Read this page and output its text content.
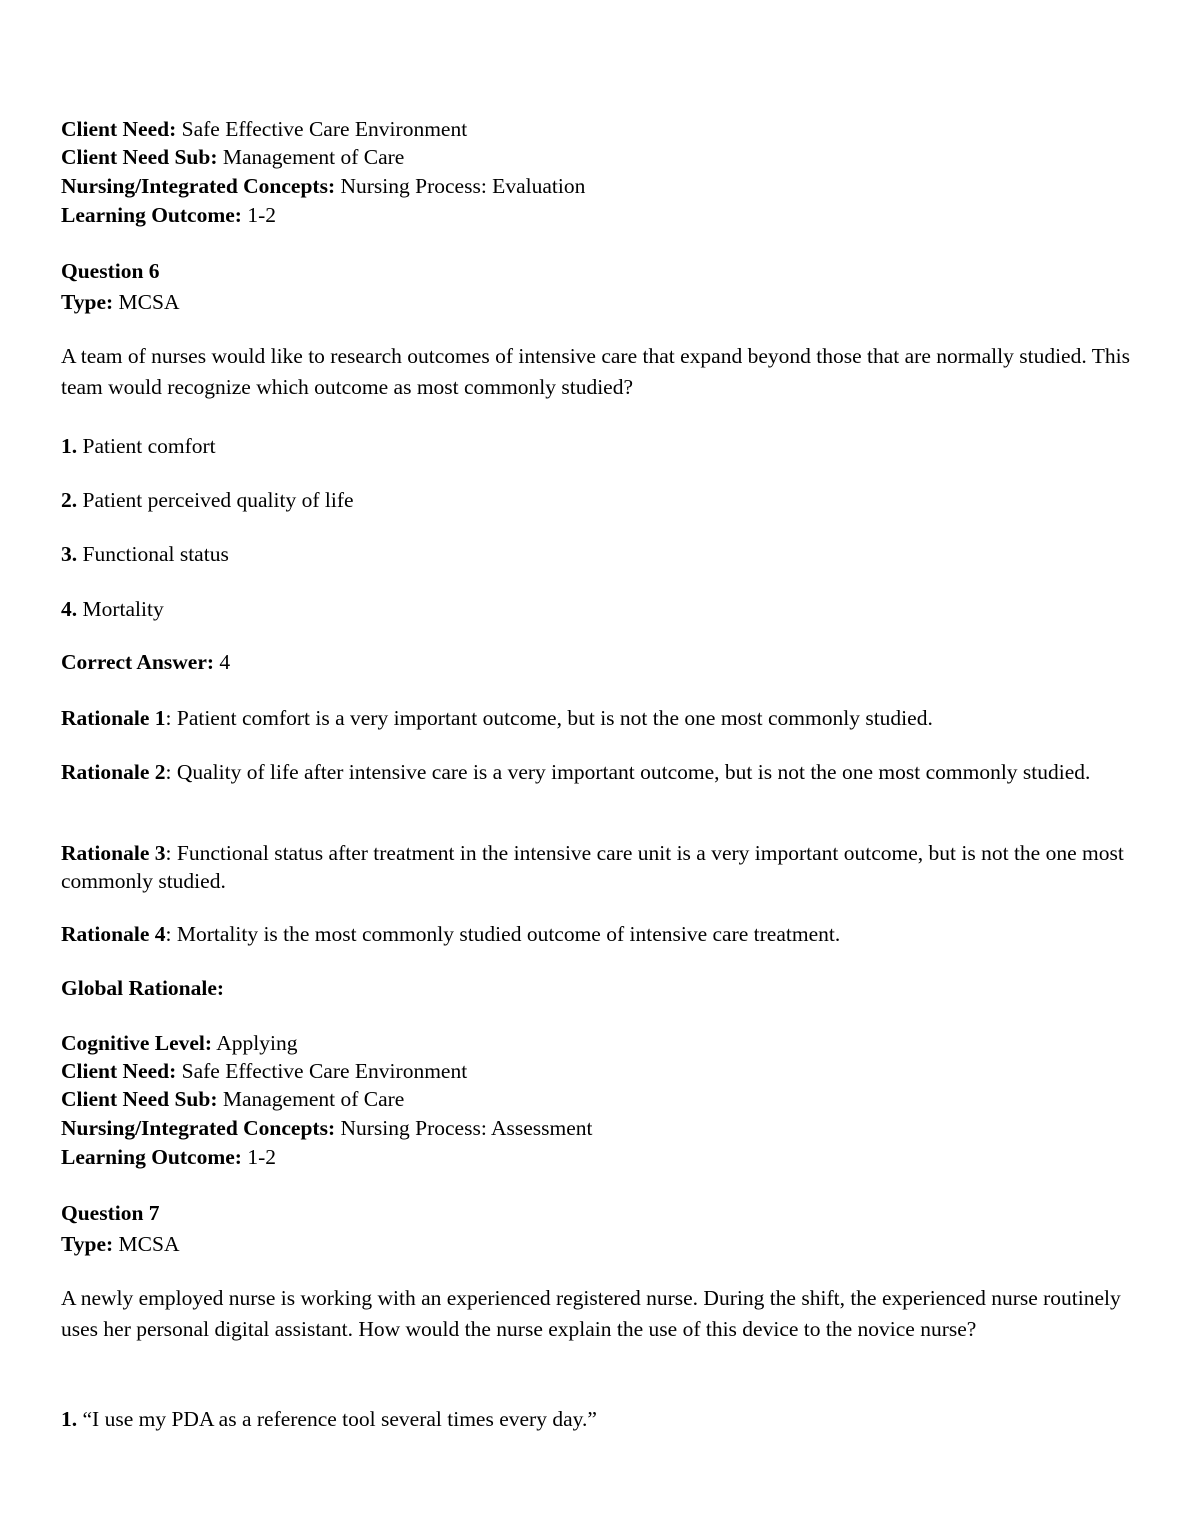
Client Need: Safe Effective Care Environment
Client Need Sub: Management of Care
Nursing/Integrated Concepts: Nursing Process: Evaluation
Learning Outcome: 1-2
Question 6
Type: MCSA
A team of nurses would like to research outcomes of intensive care that expand beyond those that are normally studied. This team would recognize which outcome as most commonly studied?
1. Patient comfort
2. Patient perceived quality of life
3. Functional status
4. Mortality
Correct Answer: 4
Rationale 1: Patient comfort is a very important outcome, but is not the one most commonly studied.
Rationale 2: Quality of life after intensive care is a very important outcome, but is not the one most commonly studied.
Rationale 3: Functional status after treatment in the intensive care unit is a very important outcome, but is not the one most commonly studied.
Rationale 4: Mortality is the most commonly studied outcome of intensive care treatment.
Global Rationale:
Cognitive Level: Applying
Client Need: Safe Effective Care Environment
Client Need Sub: Management of Care
Nursing/Integrated Concepts: Nursing Process: Assessment
Learning Outcome: 1-2
Question 7
Type: MCSA
A newly employed nurse is working with an experienced registered nurse. During the shift, the experienced nurse routinely uses her personal digital assistant. How would the nurse explain the use of this device to the novice nurse?
1. “I use my PDA as a reference tool several times every day.”
